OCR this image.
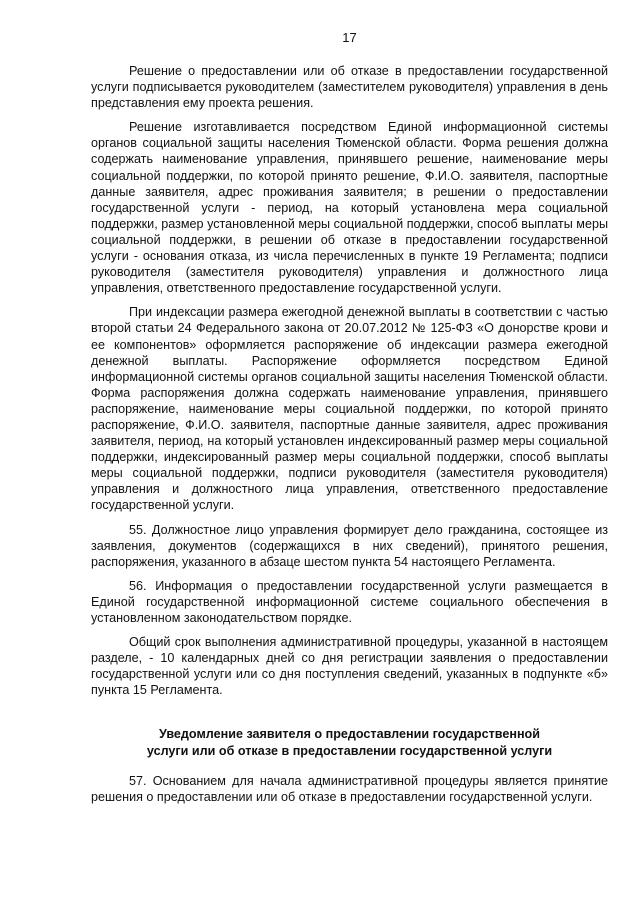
17

Решение о предоставлении или об отказе в предоставлении государственной услуги подписывается руководителем (заместителем руководителя) управления в день представления ему проекта решения.

Решение изготавливается посредством Единой информационной системы органов социальной защиты населения Тюменской области. Форма решения должна содержать наименование управления, принявшего решение, наименование меры социальной поддержки, по которой принято решение, Ф.И.О. заявителя, паспортные данные заявителя, адрес проживания заявителя; в решении о предоставлении государственной услуги - период, на который установлена мера социальной поддержки, размер установленной меры социальной поддержки, способ выплаты меры социальной поддержки, в решении об отказе в предоставлении государственной услуги - основания отказа, из числа перечисленных в пункте 19 Регламента; подписи руководителя (заместителя руководителя) управления и должностного лица управления, ответственного предоставление государственной услуги.

При индексации размера ежегодной денежной выплаты в соответствии с частью второй статьи 24 Федерального закона от 20.07.2012 № 125-ФЗ «О донорстве крови и ее компонентов» оформляется распоряжение об индексации размера ежегодной денежной выплаты. Распоряжение оформляется посредством Единой информационной системы органов социальной защиты населения Тюменской области. Форма распоряжения должна содержать наименование управления, принявшего распоряжение, наименование меры социальной поддержки, по которой принято распоряжение, Ф.И.О. заявителя, паспортные данные заявителя, адрес проживания заявителя, период, на который установлен индексированный размер меры социальной поддержки, индексированный размер меры социальной поддержки, способ выплаты меры социальной поддержки, подписи руководителя (заместителя руководителя) управления и должностного лица управления, ответственного предоставление государственной услуги.

55. Должностное лицо управления формирует дело гражданина, состоящее из заявления, документов (содержащихся в них сведений), принятого решения, распоряжения, указанного в абзаце шестом пункта 54 настоящего Регламента.

56. Информация о предоставлении государственной услуги размещается в Единой государственной информационной системе социального обеспечения в установленном законодательством порядке.

Общий срок выполнения административной процедуры, указанной в настоящем разделе, - 10 календарных дней со дня регистрации заявления о предоставлении государственной услуги или со дня поступления сведений, указанных в подпункте «б» пункта 15 Регламента.

Уведомление заявителя о предоставлении государственной
услуги или об отказе в предоставлении государственной услуги

57. Основанием для начала административной процедуры является принятие решения о предоставлении или об отказе в предоставлении государственной услуги.
